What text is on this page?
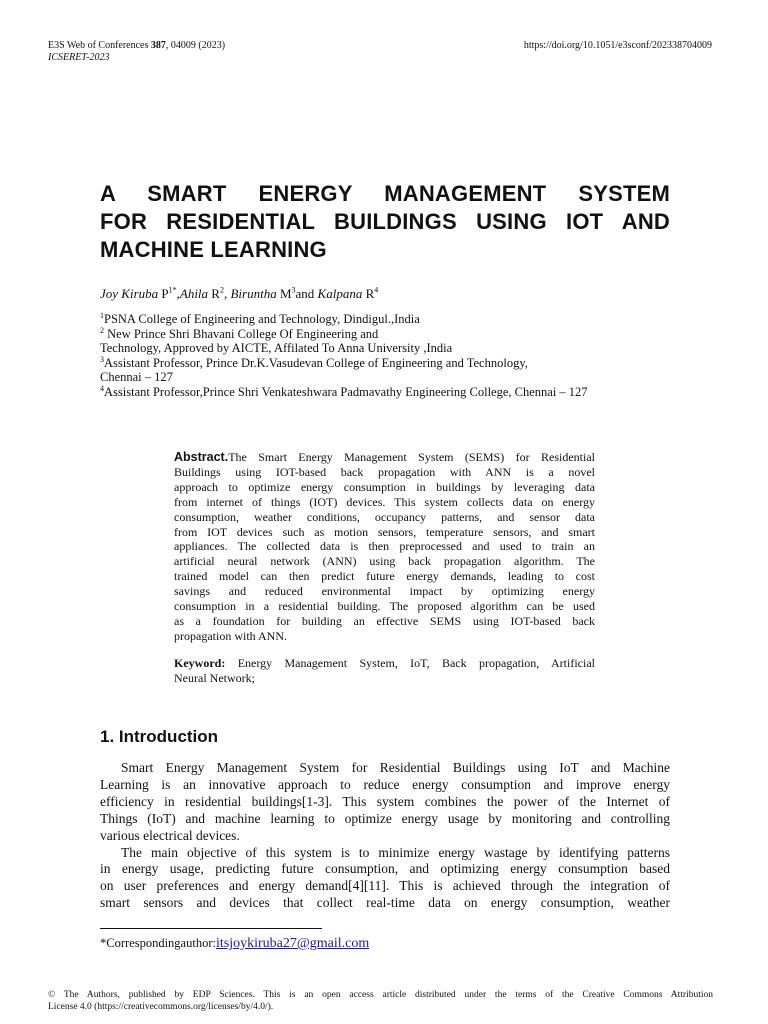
E3S Web of Conferences 387, 04009 (2023)
ICSERET-2023
https://doi.org/10.1051/e3sconf/202338704009
A SMART ENERGY MANAGEMENT SYSTEM
FOR RESIDENTIAL BUILDINGS USING IOT AND
MACHINE LEARNING
Joy Kiruba $P^{1*},Ahila$ $R^2$, Biruntha $M^3and$ Kalpana $R^4$
$^1$PSNA College of Engineering and Technology, Dindigul.,India
$^2$ New Prince Shri Bhavani College Of Engineering and
Technology, Approved by AICTE, Affilated To Anna University ,India
$^3$Assistant Professor, Prince Dr.K.Vasudevan College of Engineering and Technology,
Chennai – 127
$^4$Assistant Professor,Prince Shri Venkateshwara Padmavathy Engineering College, Chennai – 127
Abstract.The Smart Energy Management System (SEMS) for Residential
Buildings using IOT-based back propagation with ANN is a novel
approach to optimize energy consumption in buildings by leveraging data
from internet of things (IOT) devices. This system collects data on energy
consumption, weather conditions, occupancy patterns, and sensor data
from IOT devices such as motion sensors, temperature sensors, and smart
appliances. The collected data is then preprocessed and used to train an
artificial neural network (ANN) using back propagation algorithm. The
trained model can then predict future energy demands, leading to cost
savings and reduced environmental impact by optimizing energy
consumption in a residential building. The proposed algorithm can be used
as a foundation for building an effective SEMS using IOT-based back
propagation with ANN.
Keyword: Energy Management System, IoT, Back propagation, Artificial
Neural Network;
1. Introduction
Smart Energy Management System for Residential Buildings using IoT and Machine
Learning is an innovative approach to reduce energy consumption and improve energy
efficiency in residential buildings[1-3]. This system combines the power of the Internet of
Things (IoT) and machine learning to optimize energy usage by monitoring and controlling
various electrical devices.
The main objective of this system is to minimize energy wastage by identifying patterns
in energy usage, predicting future consumption, and optimizing energy consumption based
on user preferences and energy demand[4][11]. This is achieved through the integration of
smart sensors and devices that collect real-time data on energy consumption, weather
*Correspondingauthor:itsjoykiruba27@gmail.com
© The Authors, published by EDP Sciences. This is an open access article distributed under the terms of the Creative Commons Attribution
License 4.0 (https://creativecommons.org/licenses/by/4.0/).
